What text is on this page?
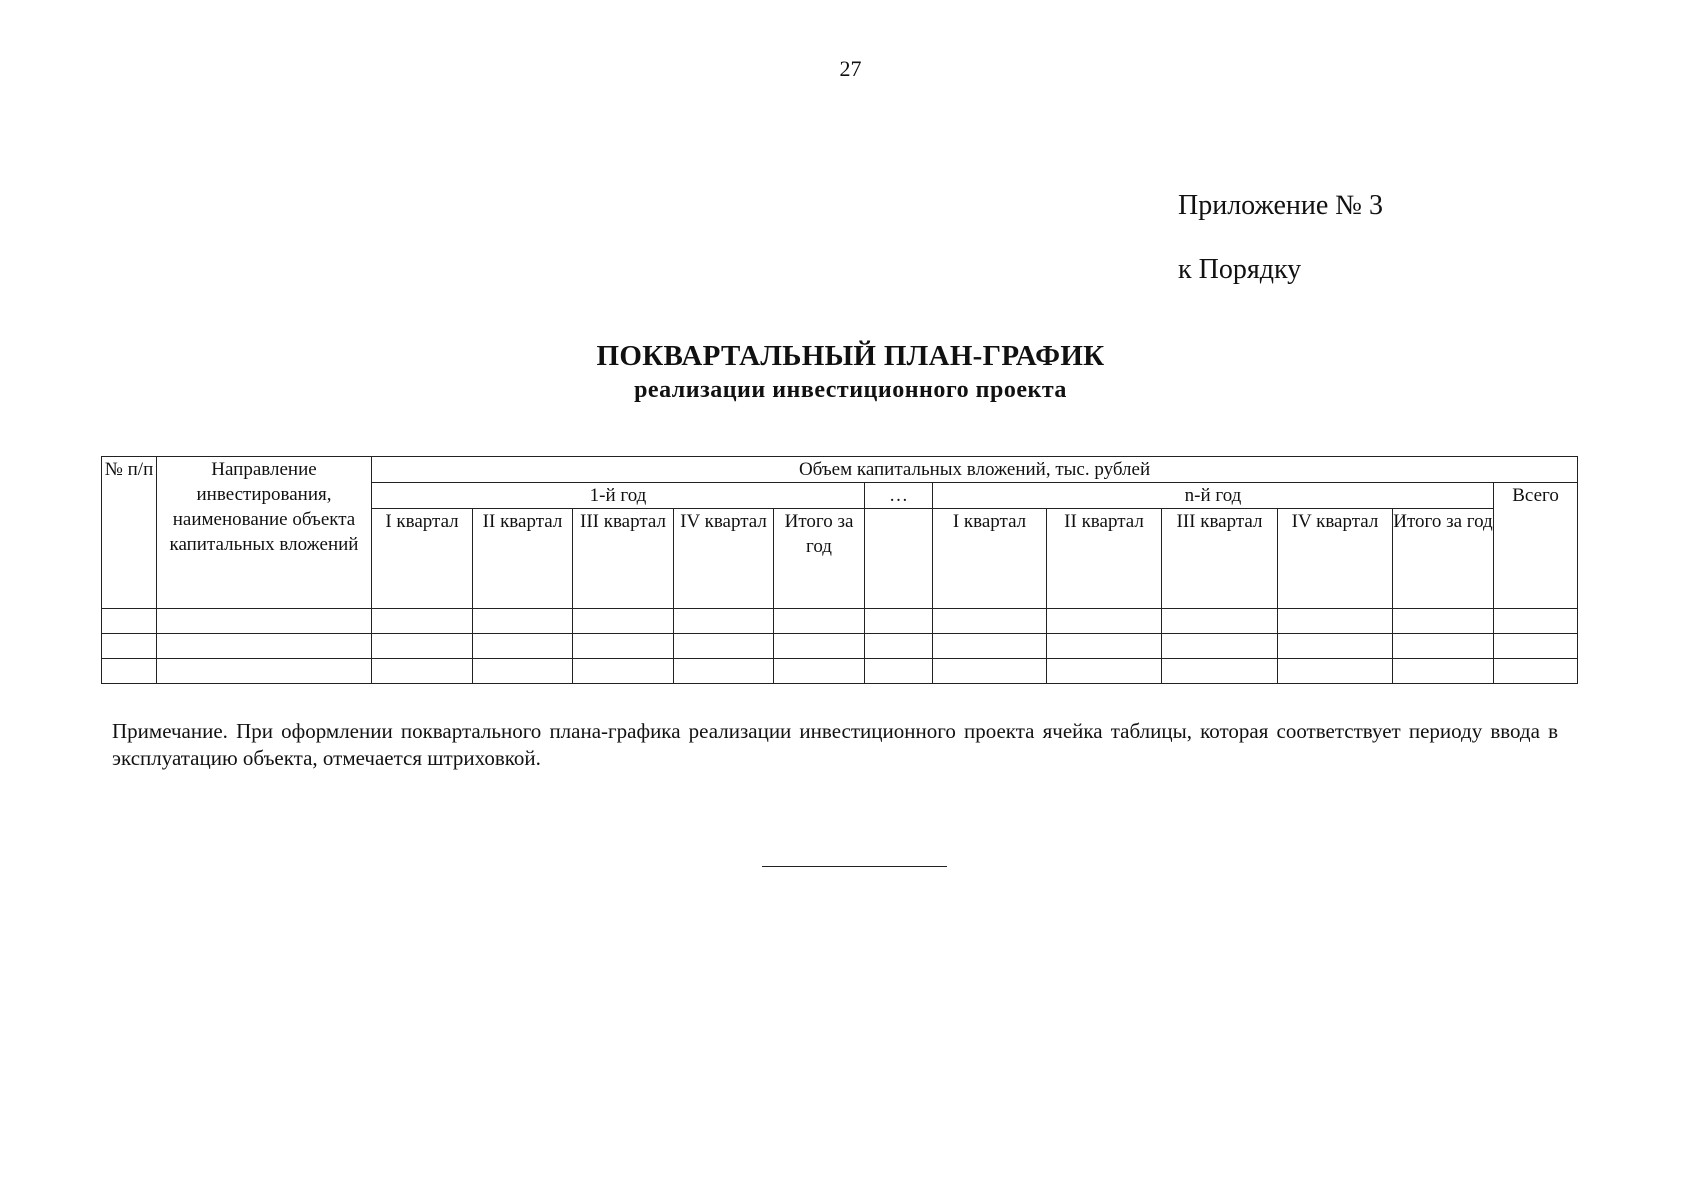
27
Приложение № 3
к Порядку
ПОКВАРТАЛЬНЫЙ ПЛАН-ГРАФИК
реализации инвестиционного проекта
№ п/п	Направление инвестирования, наименование объекта капитальных вложений	Объем капитальных вложений, тыс. рублей											
		1-й год					…	n-й год					Всего
		I квартал	II квартал	III квартал	IV квартал	Итого за год		I квартал	II квартал	III квартал	IV квартал	Итого за год	

Примечание. При оформлении поквартального плана-графика реализации инвестиционного проекта ячейка таблицы, которая соответствует периоду ввода в эксплуатацию объекта, отмечается штриховкой.
